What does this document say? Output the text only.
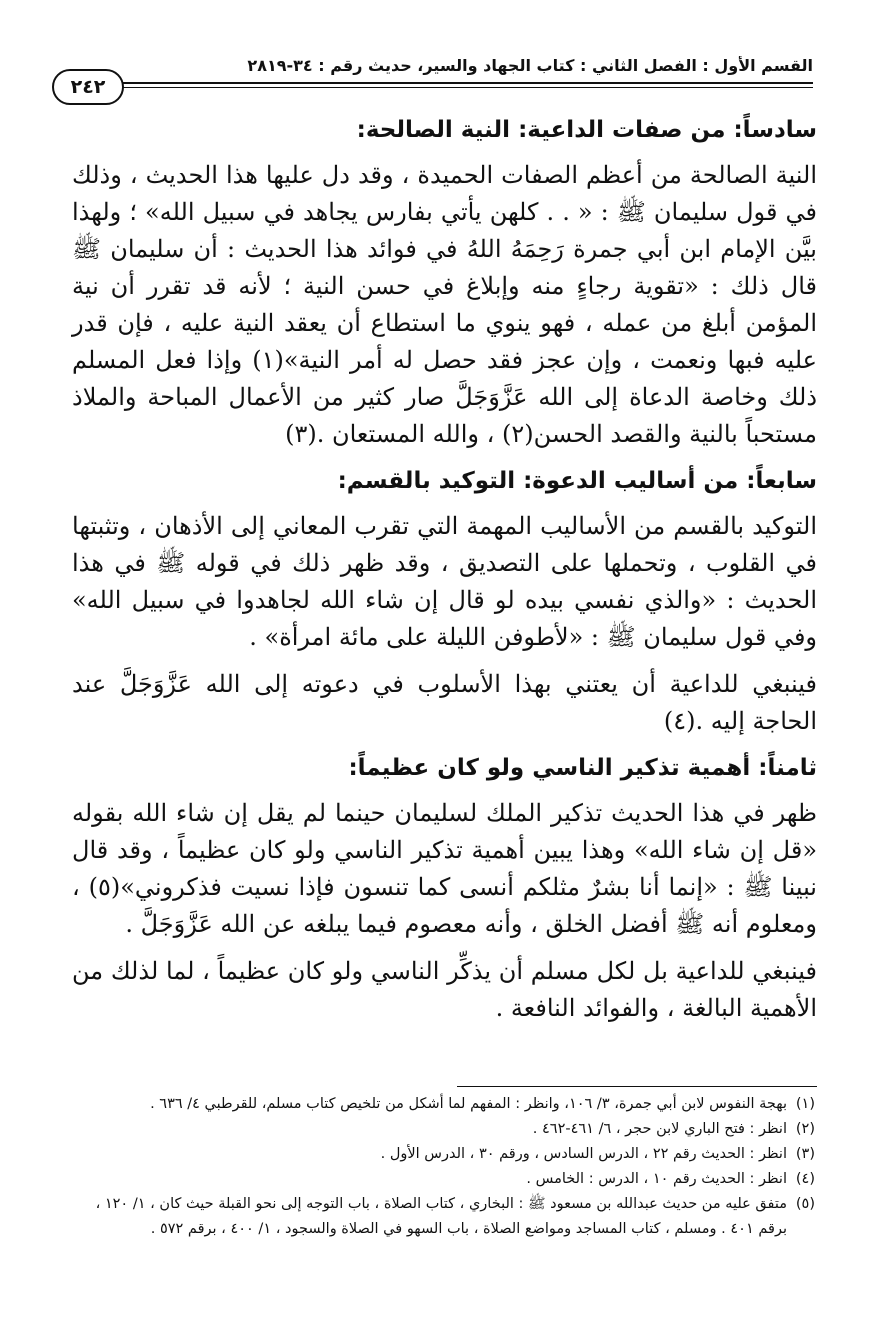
القسم الأول : الفصل الثاني : كتاب الجهاد والسير، حديث رقم : ٣٤-٢٨١٩
٢٤٢
سادساً: من صفات الداعية: النية الصالحة:

النية الصالحة من أعظم الصفات الحميدة ، وقد دل عليها هذا الحديث ، وذلك في قول سليمان ﷺ : « . . كلهن يأتي بفارس يجاهد في سبيل الله» ؛ ولهذا بيَّن الإمام ابن أبي جمرة رَحِمَهُ اللهُ في فوائد هذا الحديث : أن سليمان ﷺ قال ذلك : «تقوية رجاءٍ منه وإبلاغ في حسن النية ؛ لأنه قد تقرر أن نية المؤمن أبلغ من عمله ، فهو ينوي ما استطاع أن يعقد النية عليه ، فإن قدر عليه فبها ونعمت ، وإن عجز فقد حصل له أمر النية»(١) وإذا فعل المسلم ذلك وخاصة الدعاة إلى الله عَزَّوَجَلَّ صار كثير من الأعمال المباحة والملاذ مستحباً بالنية والقصد الحسن(٢) ، والله المستعان .(٣)

سابعاً: من أساليب الدعوة: التوكيد بالقسم:

التوكيد بالقسم من الأساليب المهمة التي تقرب المعاني إلى الأذهان ، وتثبتها في القلوب ، وتحملها على التصديق ، وقد ظهر ذلك في قوله ﷺ في هذا الحديث : «والذي نفسي بيده لو قال إن شاء الله لجاهدوا في سبيل الله» وفي قول سليمان ﷺ : «لأطوفن الليلة على مائة امرأة» .

فينبغي للداعية أن يعتني بهذا الأسلوب في دعوته إلى الله عَزَّوَجَلَّ عند الحاجة إليه .(٤)

ثامناً: أهمية تذكير الناسي ولو كان عظيماً:

ظهر في هذا الحديث تذكير الملك لسليمان حينما لم يقل إن شاء الله بقوله «قل إن شاء الله» وهذا يبين أهمية تذكير الناسي ولو كان عظيماً ، وقد قال نبينا ﷺ : «إنما أنا بشرٌ مثلكم أنسى كما تنسون فإذا نسيت فذكروني»(٥) ، ومعلوم أنه ﷺ أفضل الخلق ، وأنه معصوم فيما يبلغه عن الله عَزَّوَجَلَّ .

فينبغي للداعية بل لكل مسلم أن يذكِّر الناسي ولو كان عظيماً ، لما لذلك من الأهمية البالغة ، والفوائد النافعة .

(١)بهجة النفوس لابن أبي جمرة، ٣/ ١٠٦، وانظر : المفهم لما أشكل من تلخيص كتاب مسلم، للقرطبي ٤/ ٦٣٦ .

(٢)انظر : فتح الباري لابن حجر ، ٦/ ٤٦١-٤٦٢ .

(٣)انظر : الحديث رقم ٢٢ ، الدرس السادس ، ورقم ٣٠ ، الدرس الأول .

(٤)انظر : الحديث رقم ١٠ ، الدرس : الخامس .

(٥)متفق عليه من حديث عبدالله بن مسعود ﷺ : البخاري ، كتاب الصلاة ، باب التوجه إلى نحو القبلة حيث كان ، ١/ ١٢٠ ،

برقم ٤٠١ . ومسلم ، كتاب المساجد ومواضع الصلاة ، باب السهو في الصلاة والسجود ، ١/ ٤٠٠ ، برقم ٥٧٢ .
